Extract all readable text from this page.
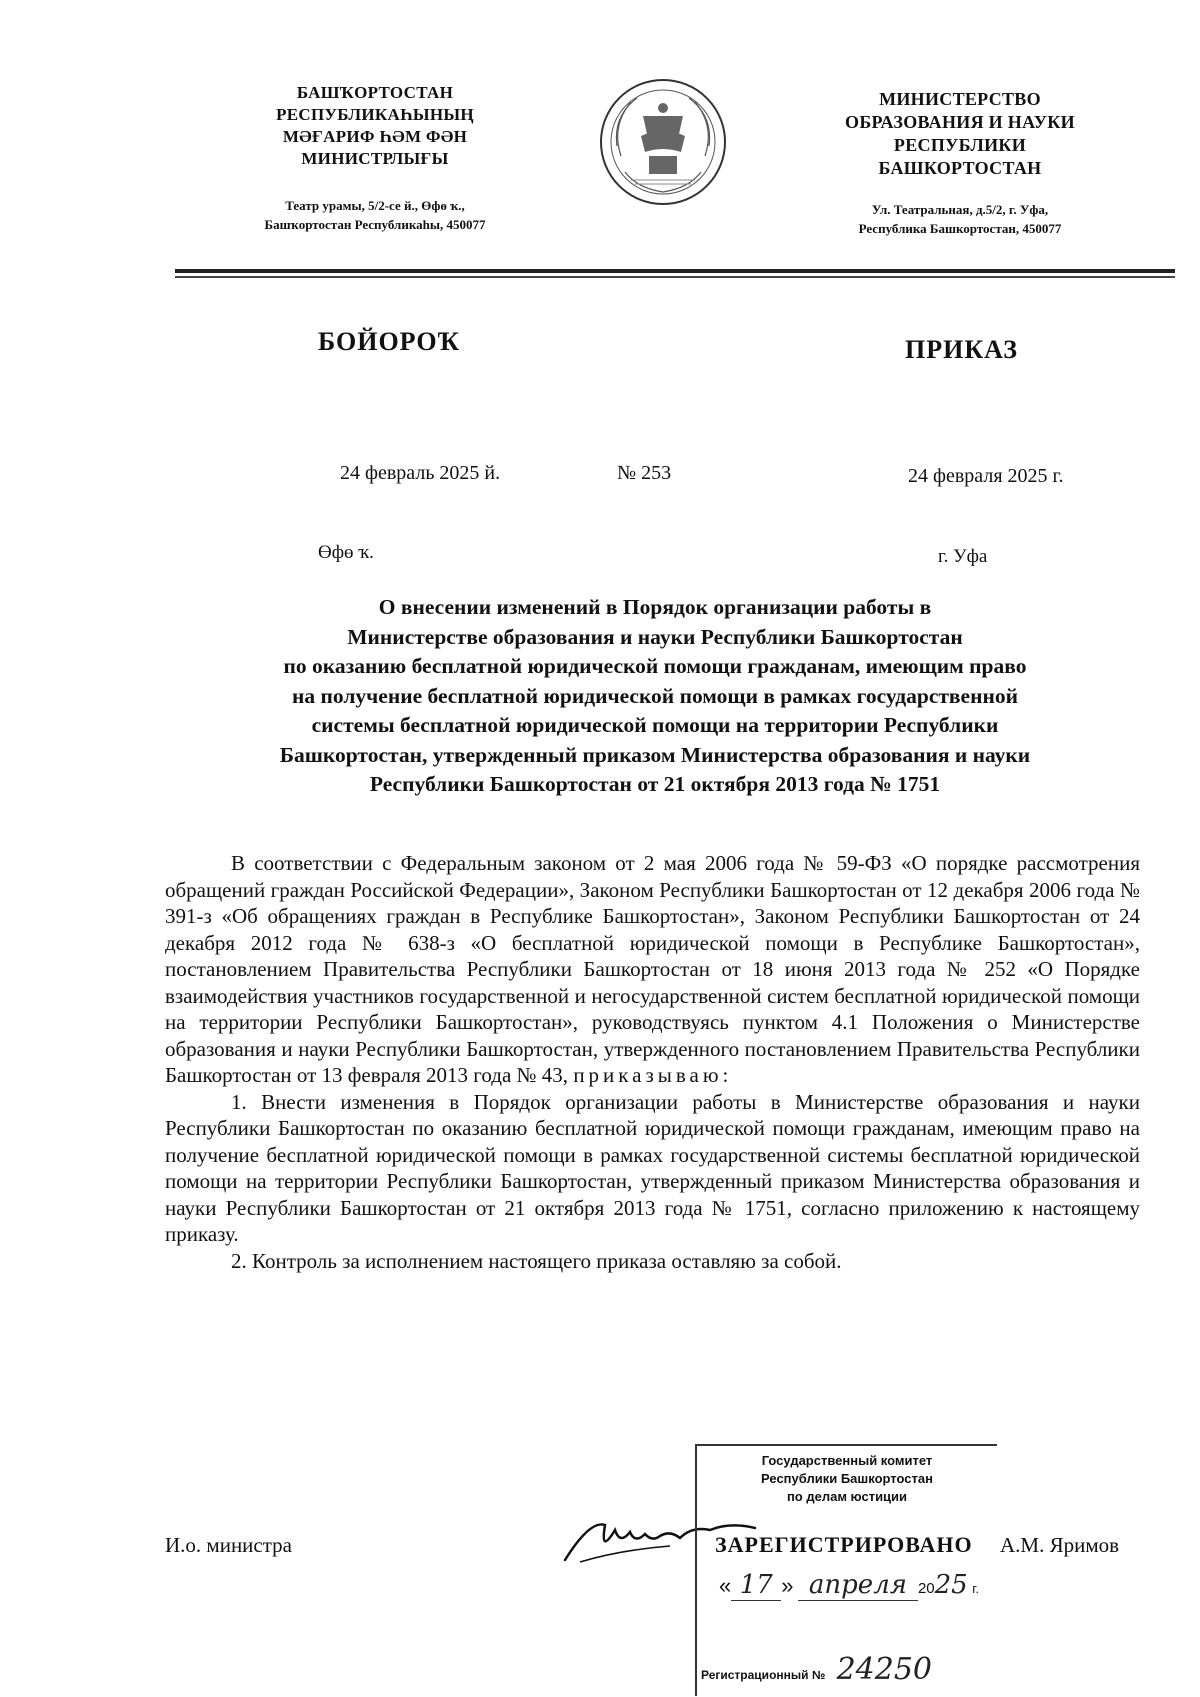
БАШҠОРТОСТАН
РЕСПУБЛИКАҺЫНЫҢ
МӘҒАРИФ ҺӘМ ФӘН
МИНИСТРЛЫҒЫ
Театр урамы, 5/2-се й., Өфө ҡ.,
Башҡортостан Республикаһы, 450077
МИНИСТЕРСТВО
ОБРАЗОВАНИЯ И НАУКИ
РЕСПУБЛИКИ
БАШКОРТОСТАН
Ул. Театральная, д.5/2, г. Уфа,
Республика Башкортостан, 450077
БОЙОРОҠ	ПРИКАЗ
24 февраль 2025 й.	№ 253	24 февраля 2025 г.
Өфө ҡ.	г. Уфа
О внесении изменений в Порядок организации работы в
Министерстве образования и науки Республики Башкортостан
по оказанию бесплатной юридической помощи гражданам, имеющим право
на получение бесплатной юридической помощи в рамках государственной
системы бесплатной юридической помощи на территории Республики
Башкортостан, утвержденный приказом Министерства образования и науки
Республики Башкортостан от 21 октября 2013 года № 1751

В соответствии с Федеральным законом от 2 мая 2006 года № 59-ФЗ «О порядке рассмотрения обращений граждан Российской Федерации», Законом Республики Башкортостан от 12 декабря 2006 года № 391-з «Об обращениях граждан в Республике Башкортостан», Законом Республики Башкортостан от 24 декабря 2012 года № 638-з «О бесплатной юридической помощи в Республике Башкортостан», постановлением Правительства Республики Башкортостан от 18 июня 2013 года № 252 «О Порядке взаимодействия участников государственной и негосударственной систем бесплатной юридической помощи на территории Республики Башкортостан», руководствуясь пунктом 4.1 Положения о Министерстве образования и науки Республики Башкортостан, утвержденного постановлением Правительства Республики Башкортостан от 13 февраля 2013 года № 43, приказываю:

1. Внести изменения в Порядок организации работы в Министерстве образования и науки Республики Башкортостан по оказанию бесплатной юридической помощи гражданам, имеющим право на получение бесплатной юридической помощи в рамках государственной системы бесплатной юридической помощи на территории Республики Башкортостан, утвержденный приказом Министерства образования и науки Республики Башкортостан от 21 октября 2013 года № 1751, согласно приложению к настоящему приказу.

2. Контроль за исполнением настоящего приказа оставляю за собой.

И.о. министра	А.М. Яримов
Государственный комитет
Республики Башкортостан
по делам юстиции
ЗАРЕГИСТРИРОВАНО
« 17 » апреля 2025 г.
Регистрационный № 24250
